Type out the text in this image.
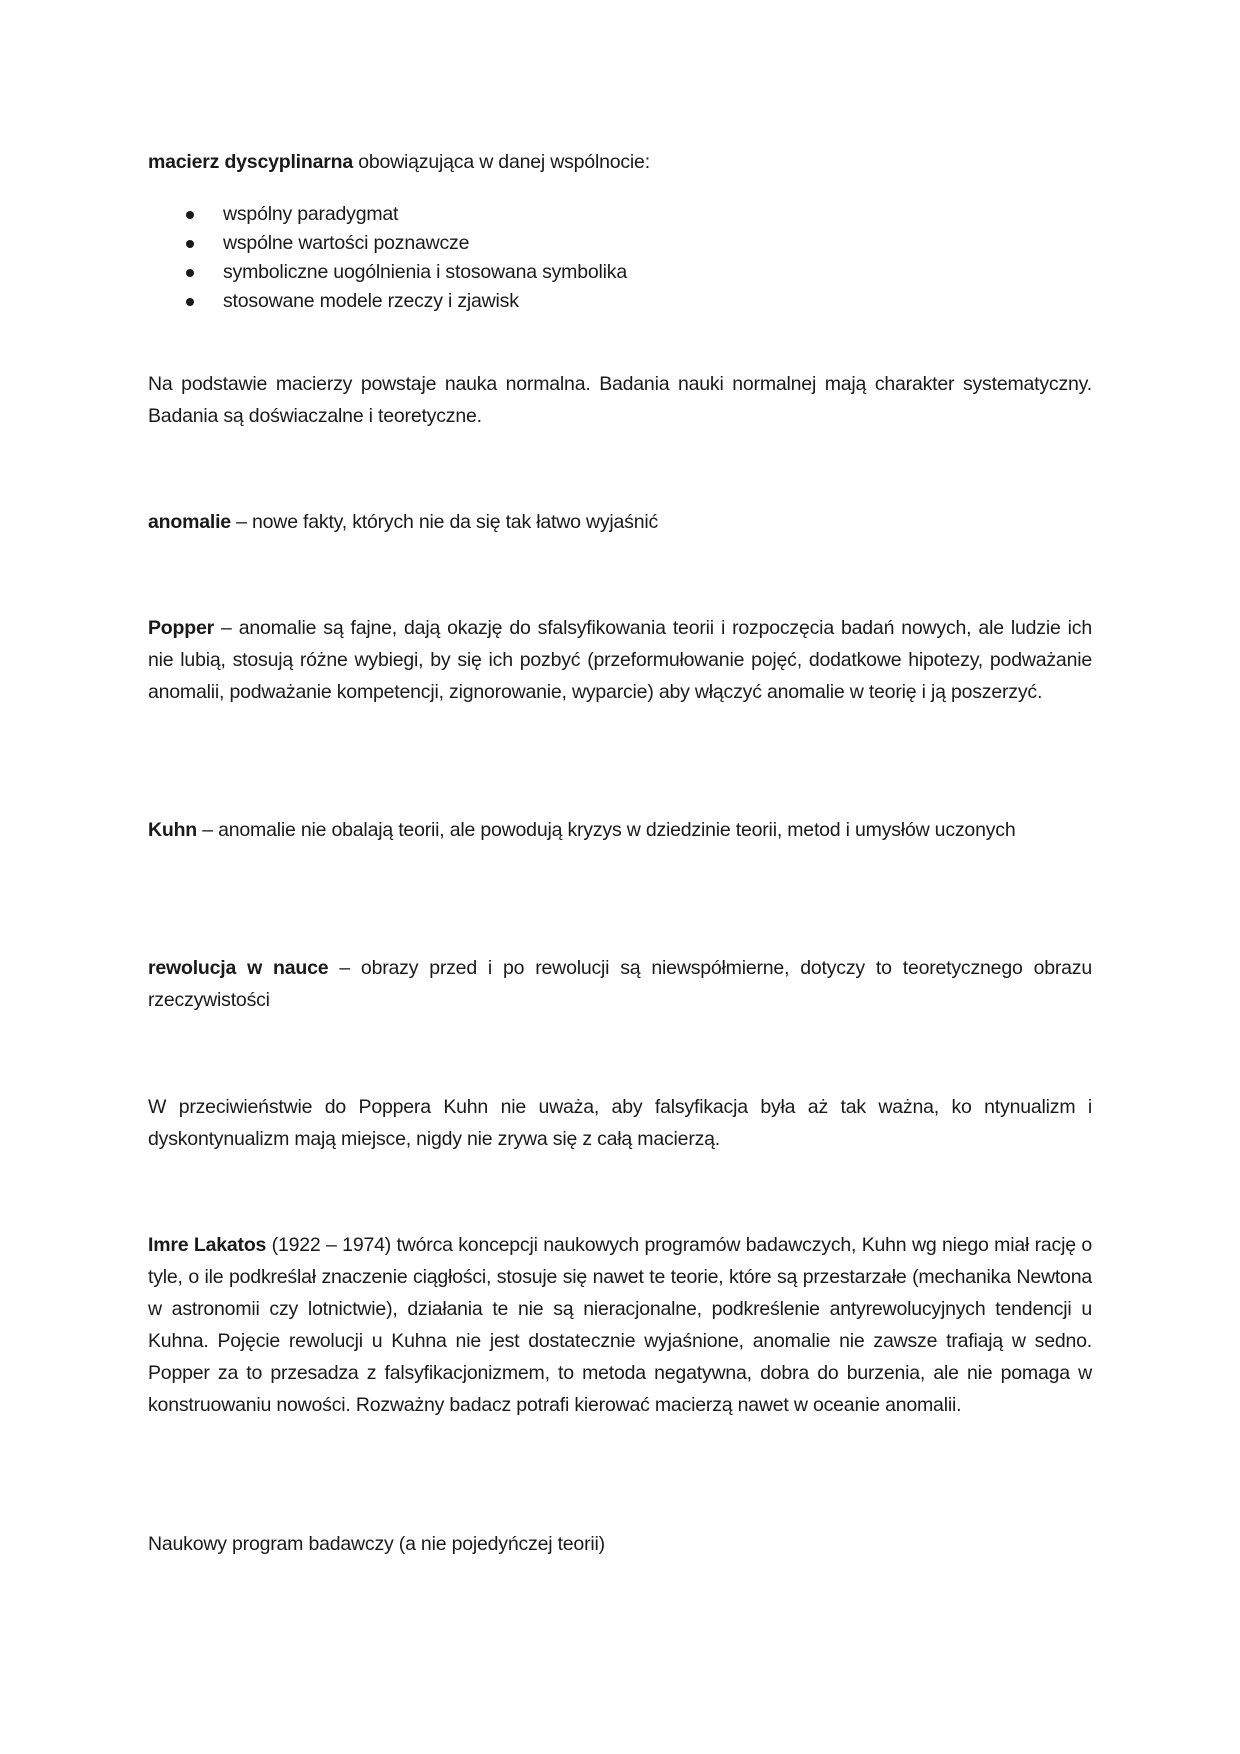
macierz dyscyplinarna obowiązująca w danej wspólnocie:
wspólny paradygmat
wspólne wartości poznawcze
symboliczne uogólnienia i stosowana symbolika
stosowane modele rzeczy i zjawisk
Na podstawie macierzy powstaje nauka normalna. Badania nauki normalnej mają charakter systematyczny. Badania są doświaczalne i teoretyczne.
anomalie – nowe fakty, których nie da się tak łatwo wyjaśnić
Popper – anomalie są fajne, dają okazję do sfalsyfikowania teorii i rozpoczęcia badań nowych, ale ludzie ich nie lubią, stosują różne wybiegi, by się ich pozbyć (przeformułowanie pojęć, dodatkowe hipotezy, podważanie anomalii, podważanie kompetencji, zignorowanie, wyparcie) aby włączyć anomalie w teorię i ją poszerzyć.
Kuhn – anomalie nie obalają teorii, ale powodują kryzys w dziedzinie teorii, metod i umysłów uczonych
rewolucja w nauce – obrazy przed i po rewolucji są niewspółmierne, dotyczy to teoretycznego obrazu rzeczywistości
W przeciwieństwie do Poppera Kuhn nie uważa, aby falsyfikacja była aż tak ważna, ko ntynualizm i dyskontynualizm mają miejsce, nigdy nie zrywa się z całą macierzą.
Imre Lakatos (1922 – 1974) twórca koncepcji naukowych programów badawczych, Kuhn wg niego miał rację o tyle, o ile podkreślał znaczenie ciągłości, stosuje się nawet te teorie, które są przestarzałe (mechanika Newtona w astronomii czy lotnictwie), działania te nie są nieracjonalne, podkreślenie antyrewolucyjnych tendencji u Kuhna. Pojęcie rewolucji u Kuhna nie jest dostatecznie wyjaśnione, anomalie nie zawsze trafiają w sedno. Popper za to przesadza z falsyfikacjonizmem, to metoda negatywna, dobra do burzenia, ale nie pomaga w konstruowaniu nowości. Rozważny badacz potrafi kierować macierzą nawet w oceanie anomalii.
Naukowy program badawczy (a nie pojedyńczej teorii)
